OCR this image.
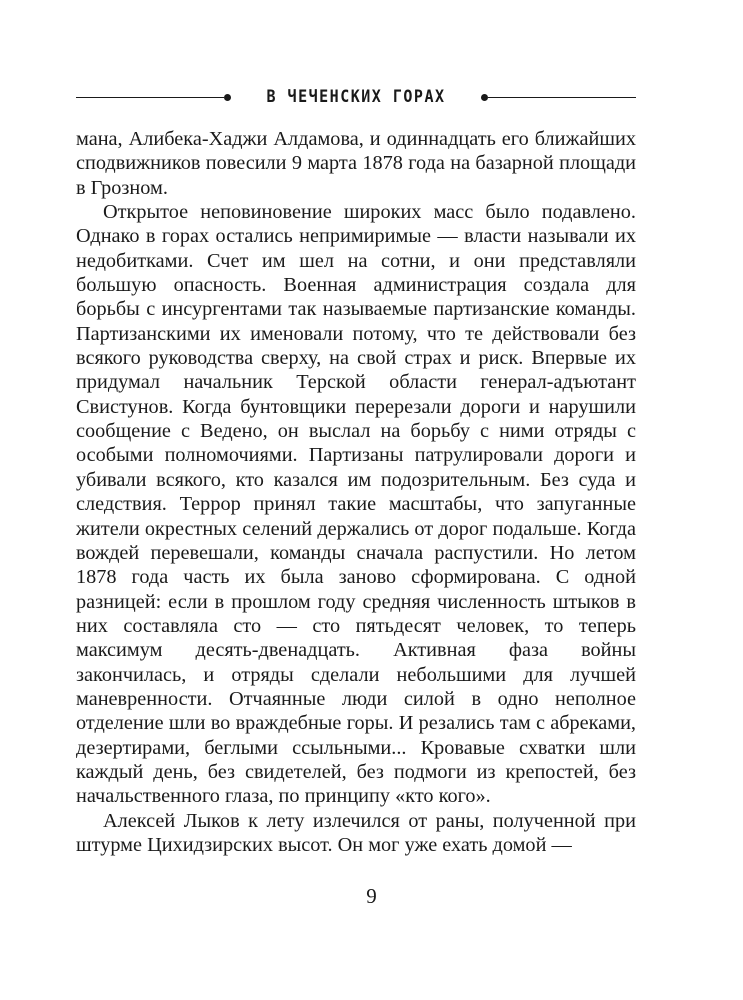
В ЧЕЧЕНСКИХ ГОРАХ

мана, Алибека-Хаджи Алдамова, и одиннадцать его ближайших сподвижников повесили 9 марта 1878 года на базарной площади в Грозном.

Открытое неповиновение широких масс было подавлено. Однако в горах остались непримиримые — власти называли их недобитками. Счет им шел на сотни, и они представляли большую опасность. Военная администрация создала для борьбы с инсургентами так называемые партизанские команды. Партизанскими их именовали потому, что те действовали без всякого руководства сверху, на свой страх и риск. Впервые их придумал начальник Терской области генерал-адъютант Свистунов. Когда бунтовщики перерезали дороги и нарушили сообщение с Ведено, он выслал на борьбу с ними отряды с особыми полномочиями. Партизаны патрулировали дороги и убивали всякого, кто казался им подозрительным. Без суда и следствия. Террор принял такие масштабы, что запуганные жители окрестных селений держались от дорог подальше. Когда вождей перевешали, команды сначала распустили. Но летом 1878 года часть их была заново сформирована. С одной разницей: если в прошлом году средняя численность штыков в них составляла сто — сто пятьдесят человек, то теперь максимум десять-двенадцать. Активная фаза войны закончилась, и отряды сделали небольшими для лучшей маневренности. Отчаянные люди силой в одно неполное отделение шли во враждебные горы. И резались там с абреками, дезертирами, беглыми ссыльными... Кровавые схватки шли каждый день, без свидетелей, без подмоги из крепостей, без начальственного глаза, по принципу «кто кого».

Алексей Лыков к лету излечился от раны, полученной при штурме Цихидзирских высот. Он мог уже ехать домой —

9
